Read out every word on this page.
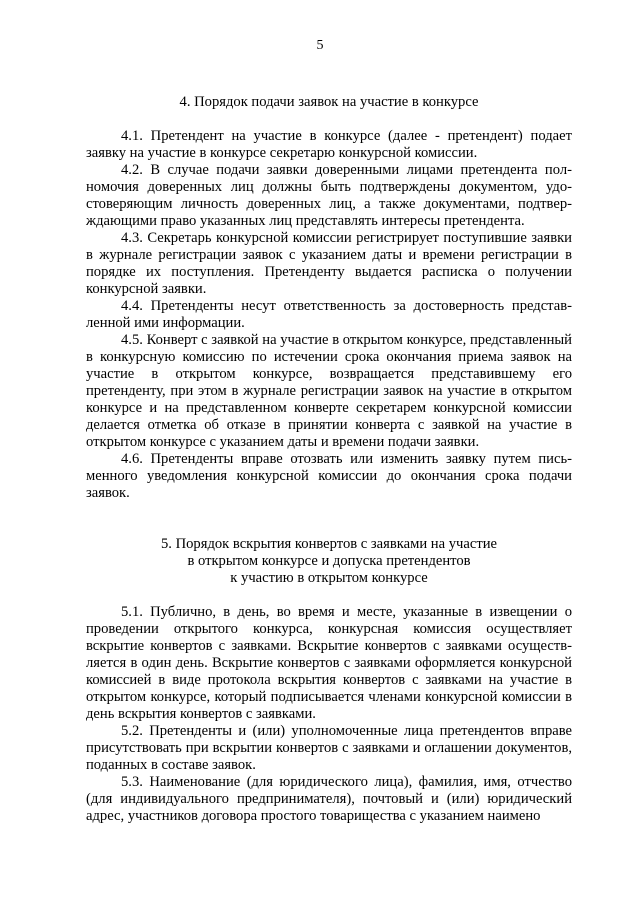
5

4. Порядок подачи заявок на участие в конкурсе

4.1. Претендент на участие в конкурсе (далее - претендент) подает заявку на участие в конкурсе секретарю конкурсной комиссии.

4.2. В случае подачи заявки доверенными лицами претендента полномочия доверенных лиц должны быть подтверждены документом, удостоверяющим личность доверенных лиц, а также документами, подтверждающими право указанных лиц представлять интересы претендента.

4.3. Секретарь конкурсной комиссии регистрирует поступившие заявки в журнале регистрации заявок с указанием даты и времени регистрации в порядке их поступления. Претенденту выдается расписка о получении конкурсной заявки.

4.4. Претенденты несут ответственность за достоверность представленной ими информации.

4.5. Конверт с заявкой на участие в открытом конкурсе, представленный в конкурсную комиссию по истечении срока окончания приема заявок на участие в открытом конкурсе, возвращается представившему его претенденту, при этом в журнале регистрации заявок на участие в открытом конкурсе и на представленном конверте секретарем конкурсной комиссии делается отметка об отказе в принятии конверта с заявкой на участие в открытом конкурсе с указанием даты и времени подачи заявки.

4.6. Претенденты вправе отозвать или изменить заявку путем письменного уведомления конкурсной комиссии до окончания срока подачи заявок.

5. Порядок вскрытия конвертов с заявками на участие
в открытом конкурсе и допуска претендентов
к участию в открытом конкурсе

5.1. Публично, в день, во время и месте, указанные в извещении о проведении открытого конкурса, конкурсная комиссия осуществляет вскрытие конвертов с заявками. Вскрытие конвертов с заявками осуществляется в один день. Вскрытие конвертов с заявками оформляется конкурсной комиссией в виде протокола вскрытия конвертов с заявками на участие в открытом конкурсе, который подписывается членами конкурсной комиссии в день вскрытия конвертов с заявками.

5.2. Претенденты и (или) уполномоченные лица претендентов вправе присутствовать при вскрытии конвертов с заявками и оглашении документов, поданных в составе заявок.

5.3. Наименование (для юридического лица), фамилия, имя, отчество (для индивидуального предпринимателя), почтовый и (или) юридический адрес, участников договора простого товарищества с указанием наимено
